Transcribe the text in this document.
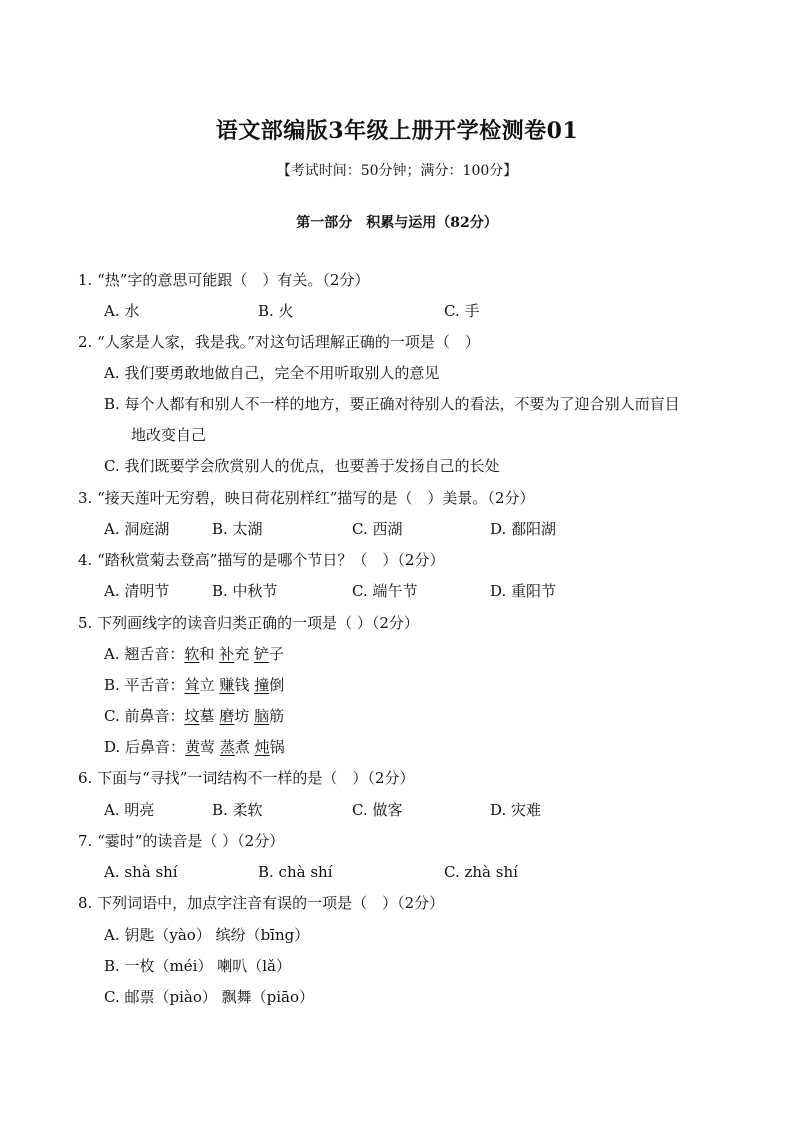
语文部编版3年级上册开学检测卷01
【考试时间：50分钟；满分：100分】
第一部分　积累与运用（82分）
1. “热”字的意思可能跟（　）有关。（2分）
A. 水	B. 火	C. 手
2. “人家是人家，我是我。”对这句话理解正确的一项是（　）
A. 我们要勇敢地做自己，完全不用听取别人的意见
B. 每个人都有和别人不一样的地方，要正确对待别人的看法，不要为了迎合别人而盲目
地改变自己
C. 我们既要学会欣赏别人的优点，也要善于发扬自己的长处
3. “接天莲叶无穷碧，映日荷花别样红”描写的是（　）美景。（2分）
A. 洞庭湖	B. 太湖	C. 西湖	D. 鄱阳湖
4. “踏秋赏菊去登高”描写的是哪个节日？（　）（2分）
A. 清明节	B. 中秋节	C. 端午节	D. 重阳节
5. 下列画线字的读音归类正确的一项是（ ）（2分）
A. 翘舌音：软和 补充 铲子
B. 平舌音：耸立 赚钱 撞倒
C. 前鼻音：坟墓 磨坊 脑筋
D. 后鼻音：黄莺 蒸煮 炖锅
6. 下面与“寻找”一词结构不一样的是（　）（2分）
A. 明亮	B. 柔软	C. 做客	D. 灾难
7. “霎时”的读音是（ ）（2分）
A. shà shí	B. chà shí	C. zhà shí
8. 下列词语中，加点字注音有误的一项是（　）（2分）
A. 钥匙（yào） 缤纷（bīng）
B. 一枚（méi） 喇叭（lǎ）
C. 邮票（piào） 飘舞（piāo）
